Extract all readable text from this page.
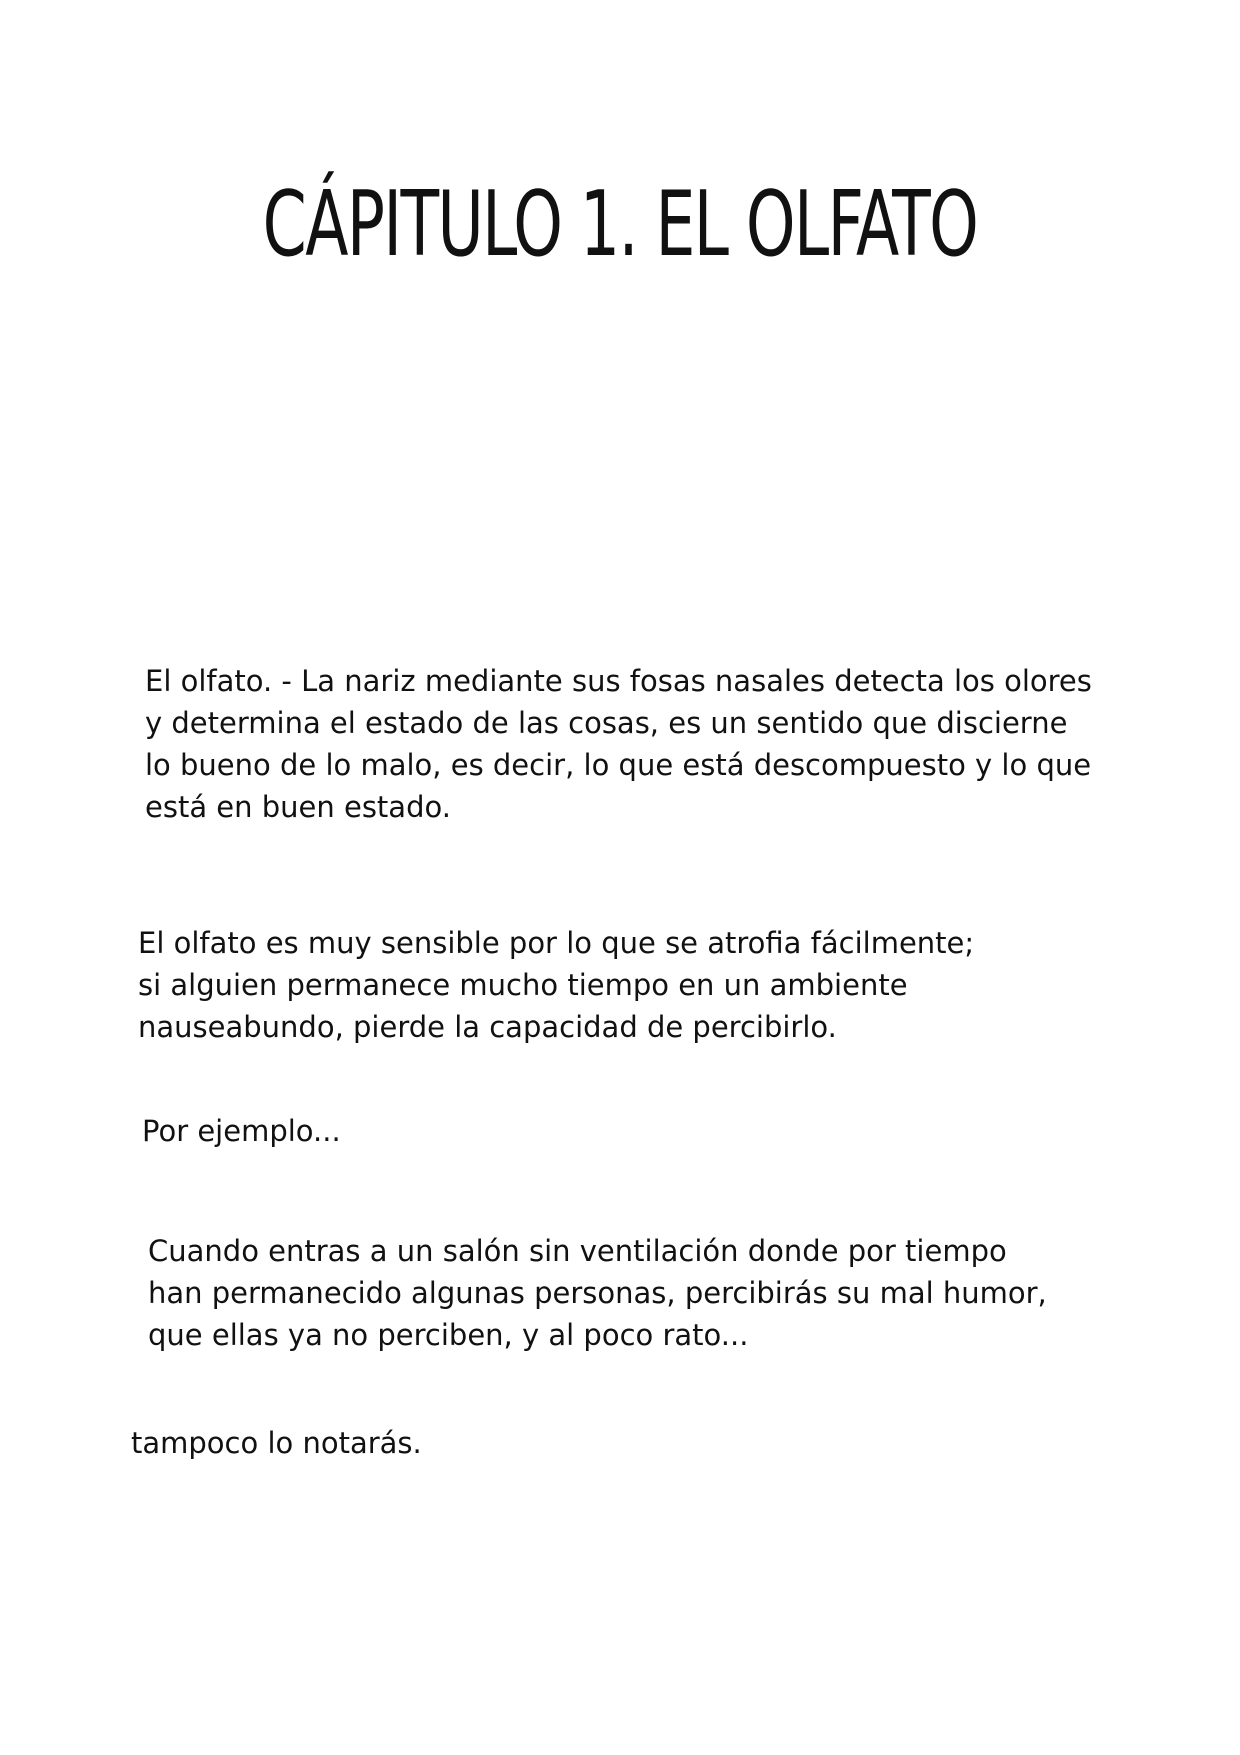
CÁPITULO 1. EL OLFATO

El olfato. - La nariz mediante sus fosas nasales detecta los olores
y determina el estado de las cosas, es un sentido que discierne
lo bueno de lo malo, es decir, lo que está descompuesto y lo que
está en buen estado.

El olfato es muy sensible por lo que se atrofia fácilmente;
si alguien permanece mucho tiempo en un ambiente
nauseabundo, pierde la capacidad de percibirlo.

Por ejemplo...

Cuando entras a un salón sin ventilación donde por tiempo
han permanecido algunas personas, percibirás su mal humor,
que ellas ya no perciben, y al poco rato...

tampoco lo notarás.
